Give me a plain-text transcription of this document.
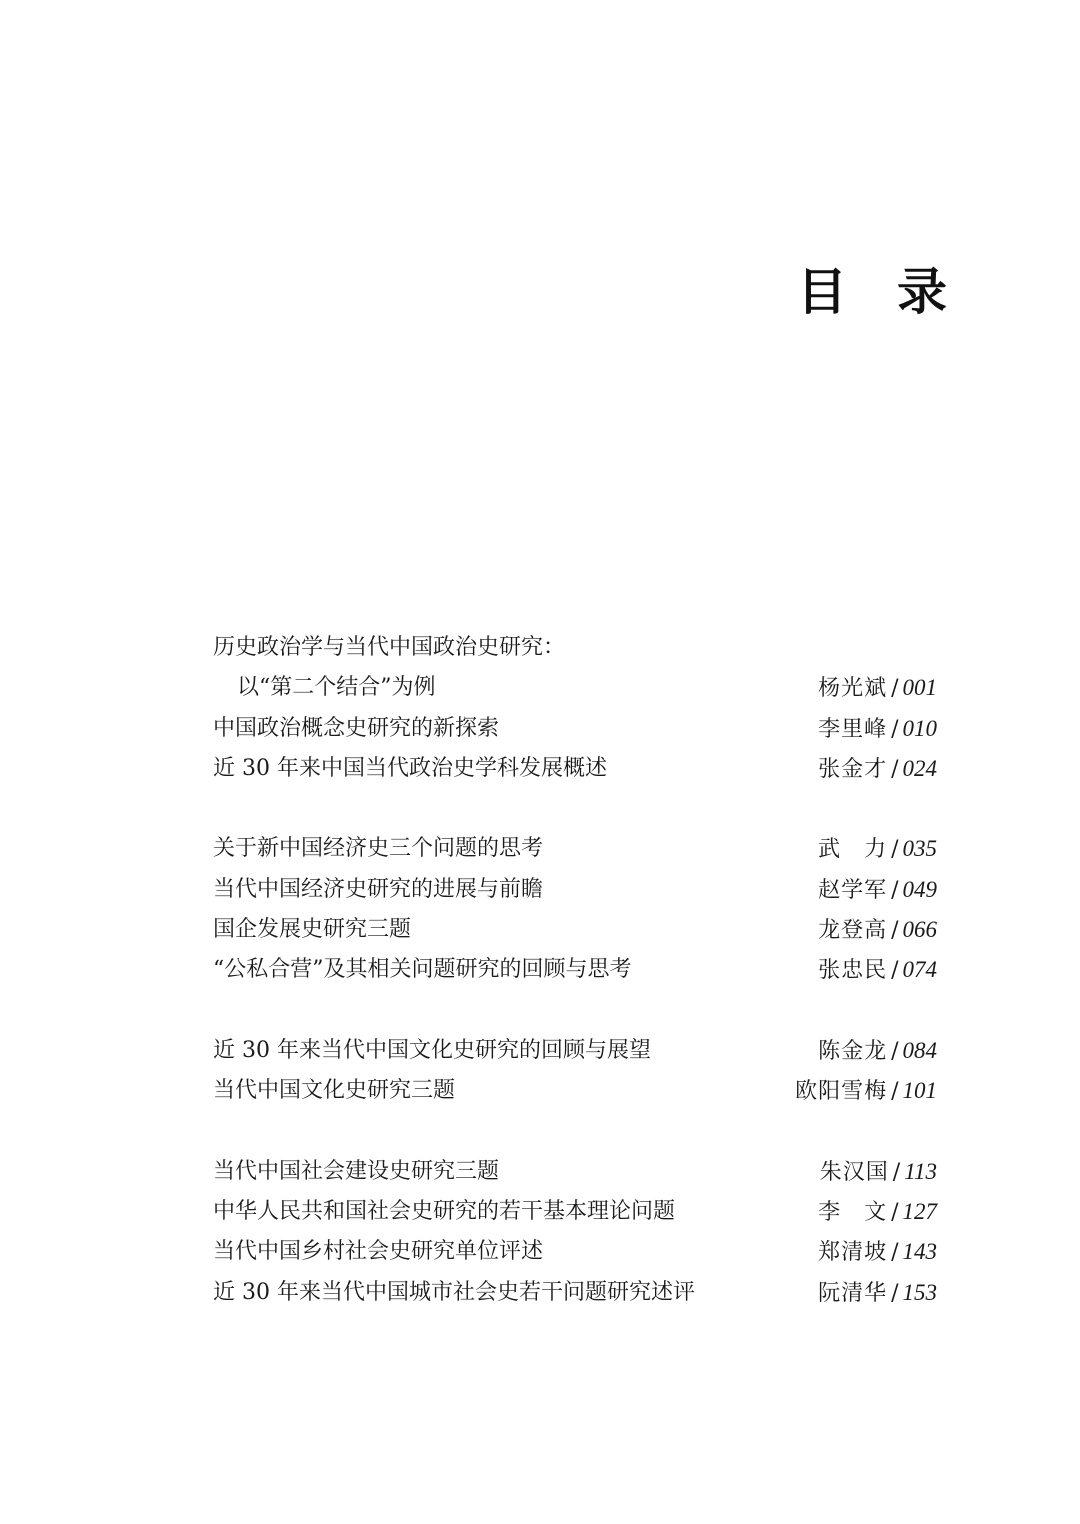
目 录
历史政治学与当代中国政治史研究：
以“第二个结合”为例	杨光斌 / 001
中国政治概念史研究的新探索	李里峰 / 010
近 30 年来中国当代政治史学科发展概述	张金才 / 024
关于新中国经济史三个问题的思考	武　力 / 035
当代中国经济史研究的进展与前瞻	赵学军 / 049
国企发展史研究三题	龙登高 / 066
“公私合营”及其相关问题研究的回顾与思考	张忠民 / 074
近 30 年来当代中国文化史研究的回顾与展望	陈金龙 / 084
当代中国文化史研究三题	欧阳雪梅 / 101
当代中国社会建设史研究三题	朱汉国 / 113
中华人民共和国社会史研究的若干基本理论问题	李　文 / 127
当代中国乡村社会史研究单位评述	郑清坡 / 143
近 30 年来当代中国城市社会史若干问题研究述评	阮清华 / 153
